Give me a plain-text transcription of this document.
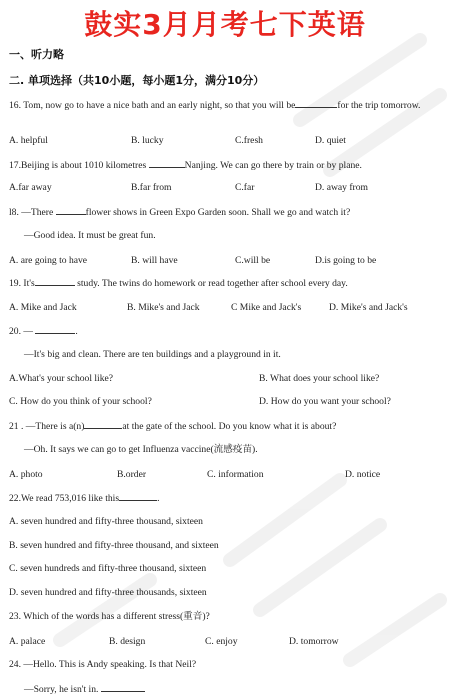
鼓实3月月考七下英语
一、听力略
二. 单项选择（共10小题，每小题1分，满分10分）
16. Tom, now go to have a nice bath and an early night, so that you will be	for the trip tomorrow.
A. helpful	B. lucky	C.fresh	D. quiet
17.Beijing is about 1010 kilometres	Nanjing. We can go there by train or by plane.
A.far away	B.far from	C.far	D. away from
l8. —There	flower shows in Green Expo Garden soon. Shall we go and watch it?
—Good idea. It must be great fun.
A. are going to have	B. will have	C.will be	D.is going to be
19. It's	study. The twins do homework or read together after school every day.
A. Mike and Jack	B. Mike's and Jack	C Mike and Jack's	D. Mike's and Jack's
20. —	.
—It's big and clean. There are ten buildings and a playground in it.
A.What's your school like?	B. What does your school like?
C. How do you think of your school?	D. How do you want your school?
21 . —There is a(n)	at the gate of the school. Do you know what it is about?
—Oh. It says we can go to get Influenza vaccine(流感疫苗).
A. photo	B.order	C. information	D. notice
22.We read 753,016 like this	.
A. seven hundred and fifty-three thousand, sixteen
B. seven hundred and fifty-three thousand, and sixteen
C. seven hundreds and fifty-three thousand, sixteen
D. seven hundred and fifty-three thousands, sixteen
23. Which of the words has a different stress(重音)?
A. palace	B. design	C. enjoy	D. tomorrow
24. —Hello. This is Andy speaking. Is that Neil?
—Sorry, he isn't in.
